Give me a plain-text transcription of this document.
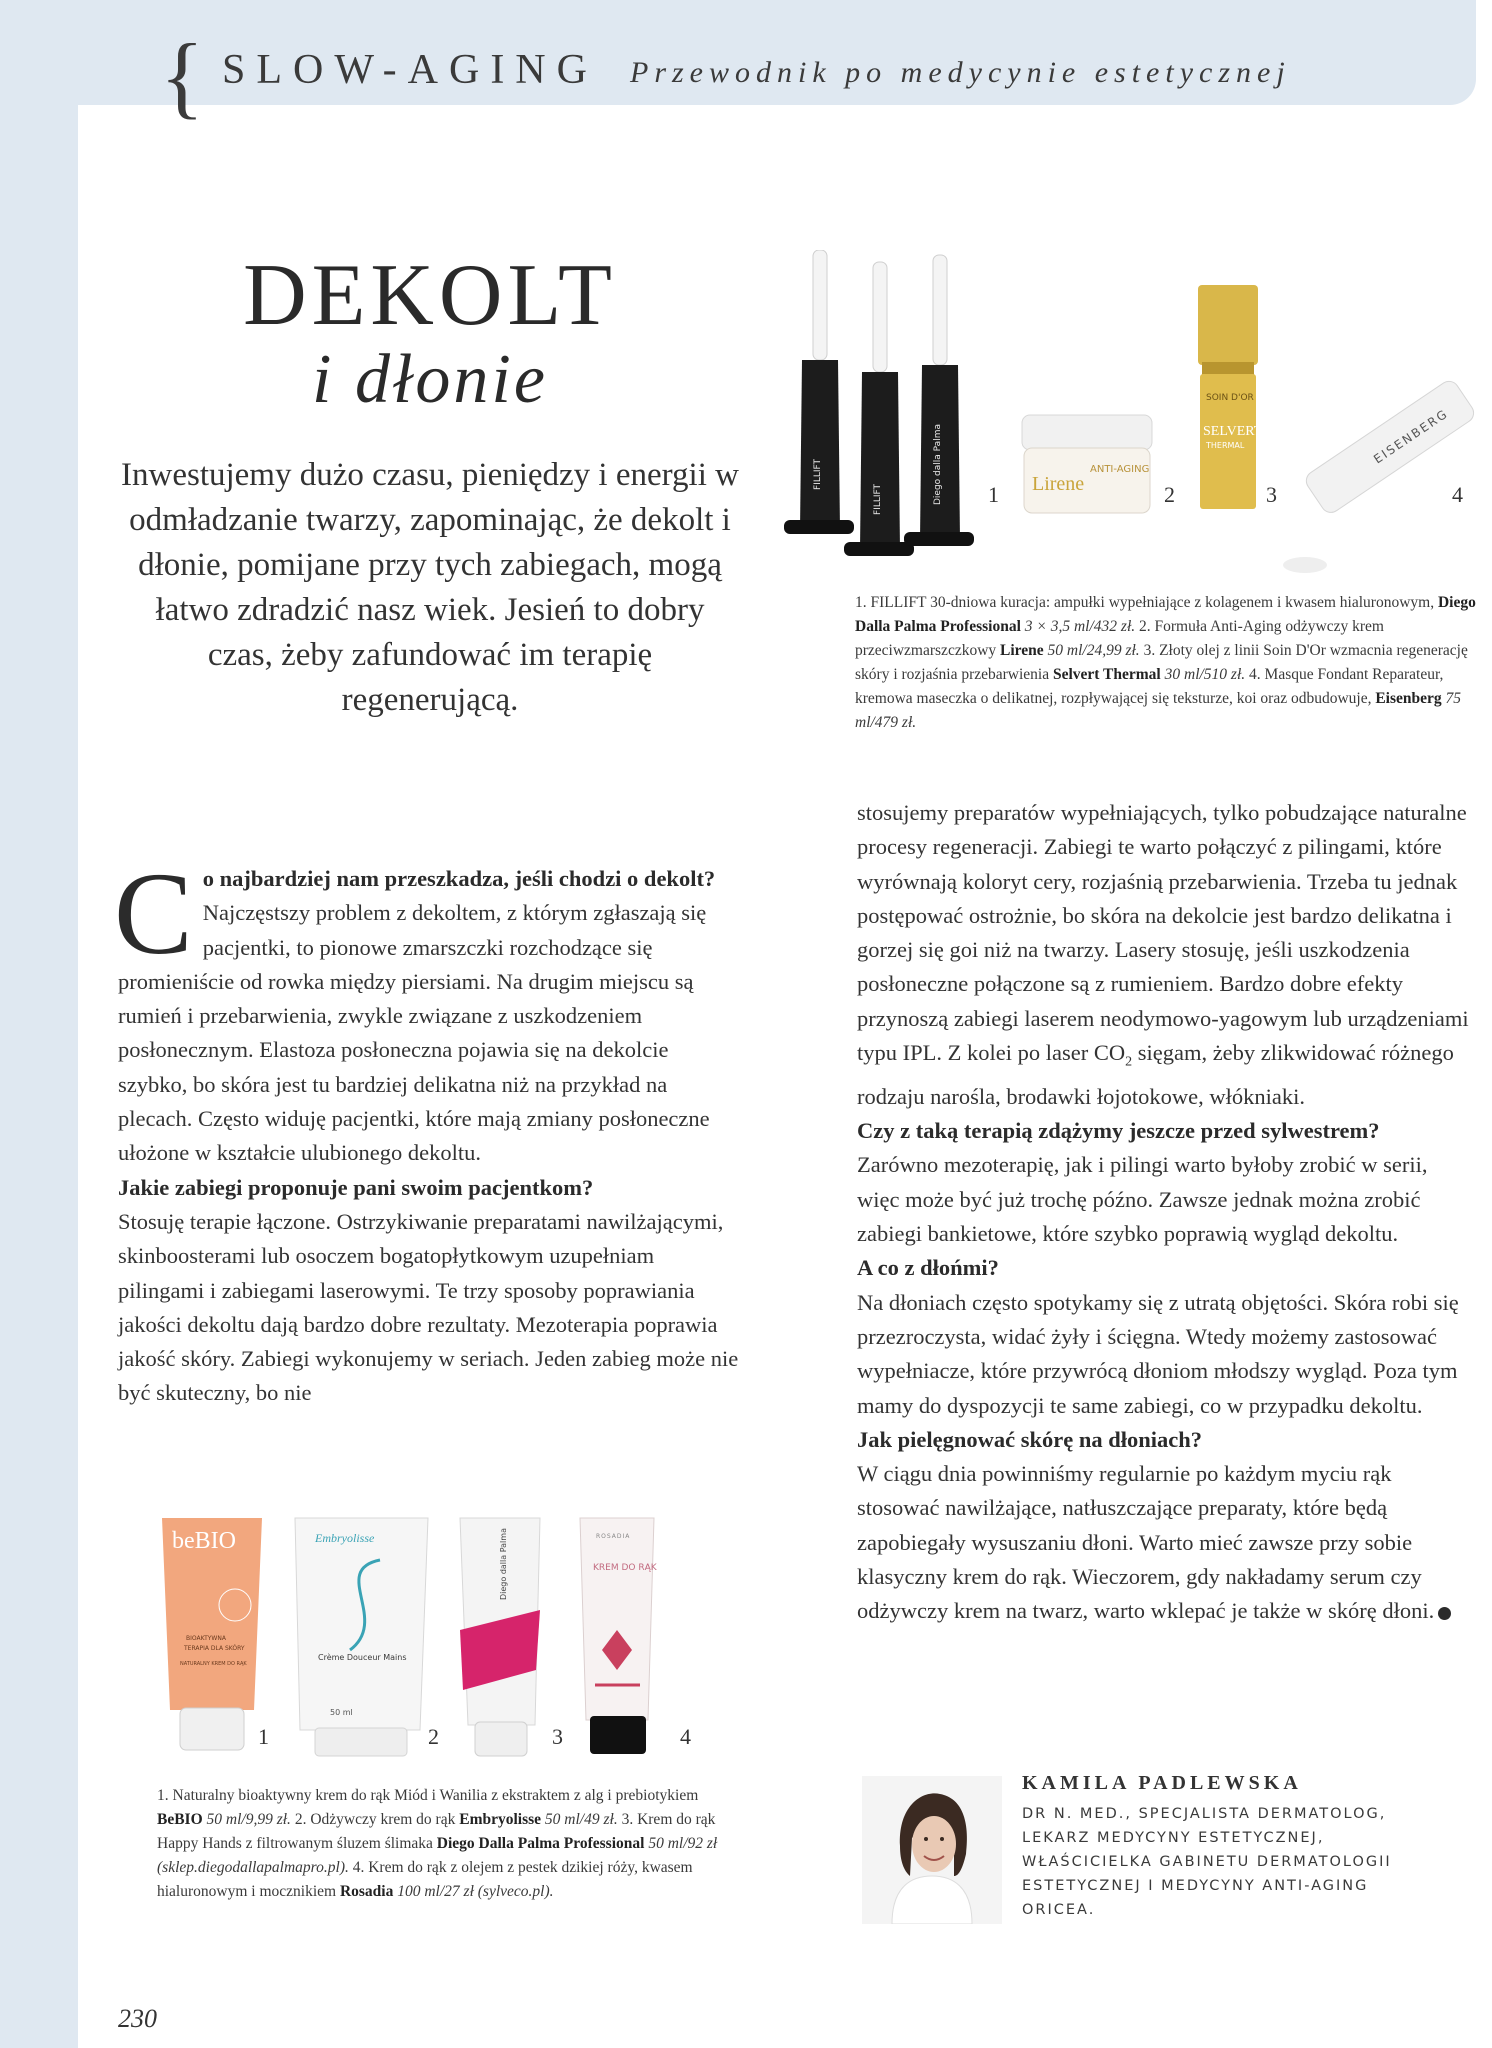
{ SLOW-AGING Przewodnik po medycynie estetycznej
DEKOLT
i dłonie
Inwestujemy dużo czasu, pieniędzy i energii w odmładzanie twarzy, zapominając, że dekolt i dłonie, pomijane przy tych zabiegach, mogą łatwo zdradzić nasz wiek. Jesień to dobry czas, żeby zafundować im terapię regenerującą.
FILLIFT
FILLIFT	Diego dalla Palma	Lirene
ANTI-AGING
SOIN D'OR
SELVERT
THERMAL	EISENBERG
1	2	3	4
1. FILLIFT 30-dniowa kuracja: ampułki wypełniające z kolagenem i kwasem hialuronowym, Diego Dalla Palma Professional 3 × 3,5 ml/432 zł. 2. Formuła Anti-Aging odżywczy krem przeciwzmarszczkowy Lirene 50 ml/24,99 zł. 3. Złoty olej z linii Soin D'Or wzmacnia regenerację skóry i rozjaśnia przebarwienia Selvert Thermal 30 ml/510 zł. 4. Masque Fondant Reparateur, kremowa maseczka o delikatnej, rozpływającej się teksturze, koi oraz odbudowuje, Eisenberg 75 ml/479 zł.
C o najbardziej nam przeszkadza, jeśli chodzi o dekolt?

Najczęstszy problem z dekoltem, z którym zgłaszają się pacjentki, to pionowe zmarszczki rozchodzące się promieniście od rowka między piersiami. Na drugim miejscu są rumień i przebarwienia, zwykle związane z uszkodzeniem posłonecznym. Elastoza posłoneczna pojawia się na dekolcie szybko, bo skóra jest tu bardziej delikatna niż na przykład na plecach. Często widuję pacjentki, które mają zmiany posłoneczne ułożone w kształcie ulubionego dekoltu.

Jakie zabiegi proponuje pani swoim pacjentkom?

Stosuję terapie łączone. Ostrzykiwanie preparatami nawilżającymi, skinboosterami lub osoczem bogatopłytkowym uzupełniam pilingami i zabiegami laserowymi. Te trzy sposoby poprawiania jakości dekoltu dają bardzo dobre rezultaty. Mezoterapia poprawia jakość skóry. Zabiegi wykonujemy w seriach. Jeden zabieg może nie być skuteczny, bo nie

stosujemy preparatów wypełniających, tylko pobudzające naturalne procesy regeneracji. Zabiegi te warto połączyć z pilingami, które wyrównają koloryt cery, rozjaśnią przebarwienia. Trzeba tu jednak postępować ostrożnie, bo skóra na dekolcie jest bardzo delikatna i gorzej się goi niż na twarzy. Lasery stosuję, jeśli uszkodzenia posłoneczne połączone są z rumieniem. Bardzo dobre efekty przynoszą zabiegi laserem neodymowo-yagowym lub urządzeniami typu IPL. Z kolei po laser $CO_2$ sięgam, żeby zlikwidować różnego rodzaju narośla, brodawki łojotokowe, włókniaki.

Czy z taką terapią zdążymy jeszcze przed sylwestrem?

Zarówno mezoterapię, jak i pilingi warto byłoby zrobić w serii, więc może być już trochę późno. Zawsze jednak można zrobić zabiegi bankietowe, które szybko poprawią wygląd dekoltu.

A co z dłońmi?

Na dłoniach często spotykamy się z utratą objętości. Skóra robi się przezroczysta, widać żyły i ścięgna. Wtedy możemy zastosować wypełniacze, które przywrócą dłoniom młodszy wygląd. Poza tym mamy do dyspozycji te same zabiegi, co w przypadku dekoltu.

Jak pielęgnować skórę na dłoniach?

W ciągu dnia powinniśmy regularnie po każdym myciu rąk stosować nawilżające, natłuszczające preparaty, które będą zapobiegały wysuszaniu dłoni. Warto mieć zawsze przy sobie klasyczny krem do rąk. Wieczorem, gdy nakładamy serum czy odżywczy krem na twarz, warto wklepać je także w skórę dłoni.

beBIO
BIOAKTYWNA
TERAPIA DLA SKÓRY
NATURALNY KREM DO RĄK
Embryolisse
Crème Douceur Mains
50 ml
Diego dalla Palma	ROSADIA
KREM DO RĄK
1	2	3	4
1. Naturalny bioaktywny krem do rąk Miód i Wanilia z ekstraktem z alg i prebiotykiem BeBIO 50 ml/9,99 zł. 2. Odżywczy krem do rąk Embryolisse 50 ml/49 zł. 3. Krem do rąk Happy Hands z filtrowanym śluzem ślimaka Diego Dalla Palma Professional 50 ml/92 zł (sklep.diegodallapalmapro.pl). 4. Krem do rąk z olejem z pestek dzikiej róży, kwasem hialuronowym i mocznikiem Rosadia 100 ml/27 zł (sylveco.pl).
KAMILA PADLEWSKA
DR N. MED., SPECJALISTA DERMATOLOG, LEKARZ MEDYCYNY ESTETYCZNEJ, WŁAŚCICIELKA GABINETU DERMATOLOGII ESTETYCZNEJ I MEDYCYNY ANTI-AGING ORICEA.
230
